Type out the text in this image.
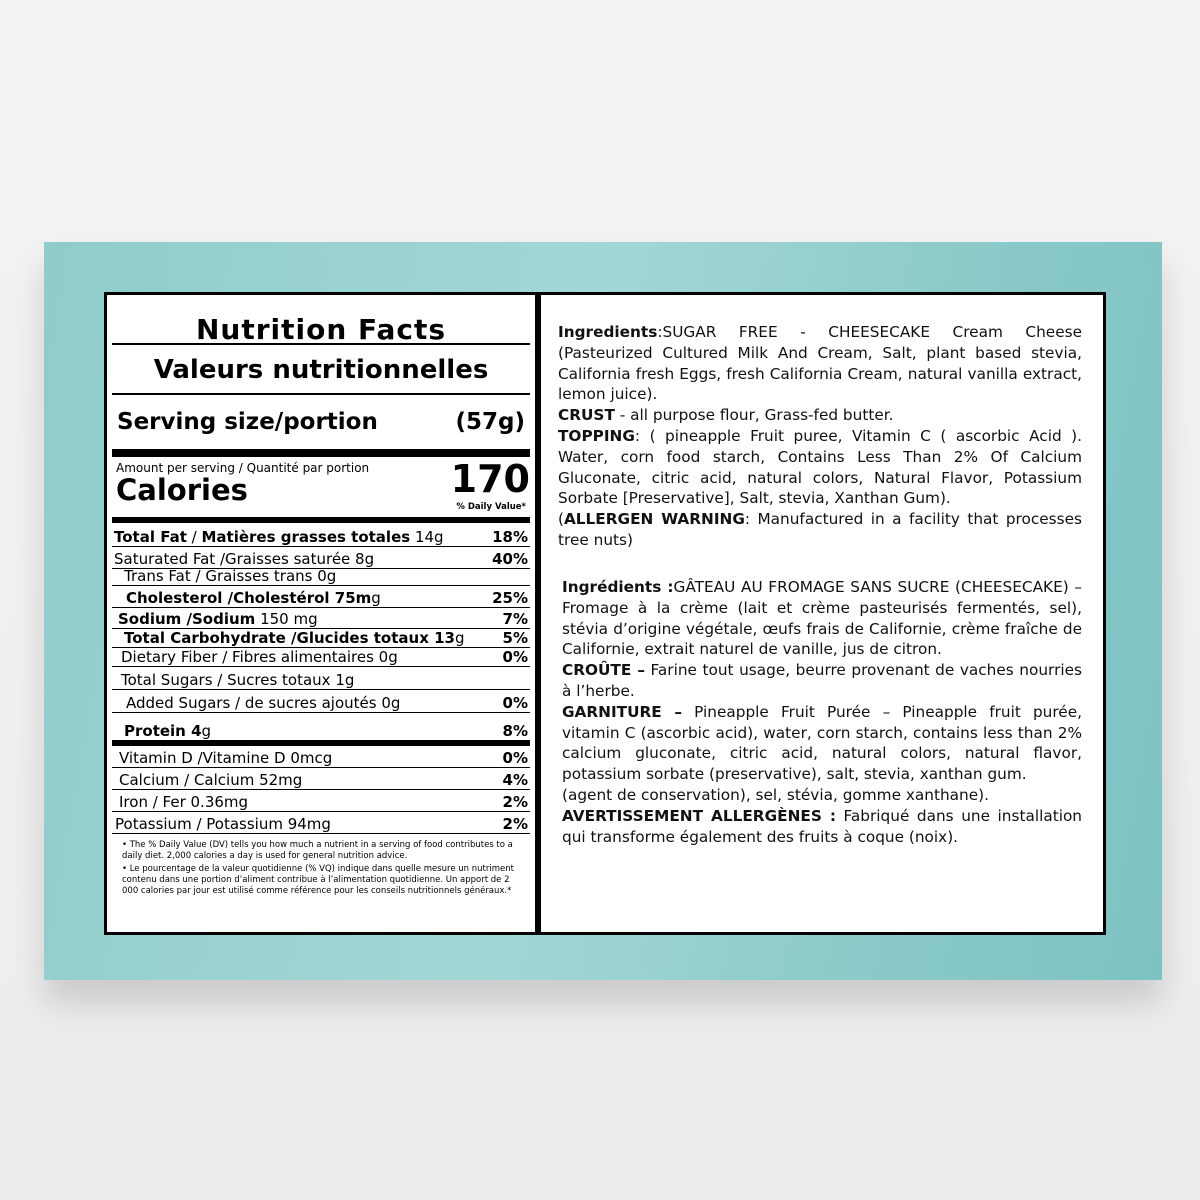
Nutrition Facts
Valeurs nutritionnelles
Serving size/portion	(57g)
Amount per serving / Quantité par portion
Calories	170
% Daily Value*
Total Fat / Matières grasses totales 14g	18%
Saturated Fat /Graisses saturée 8g	40%
Trans Fat / Graisses trans 0g
Cholesterol /Cholestérol 75mg	25%
Sodium /Sodium 150 mg	7%
Total Carbohydrate /Glucides totaux 13g	5%
Dietary Fiber / Fibres alimentaires 0g	0%
Total Sugars / Sucres totaux 1g
Added Sugars / de sucres ajoutés 0g	0%
Protein 4g	8%
Vitamin D /Vitamine D 0mcg	0%
Calcium / Calcium 52mg	4%
Iron / Fer 0.36mg	2%
Potassium / Potassium 94mg	2%

• The % Daily Value (DV) tells you how much a nutrient in a serving of food contributes to a daily diet. 2,000 calories a day is used for general nutrition advice.

• Le pourcentage de la valeur quotidienne (% VQ) indique dans quelle mesure un nutriment contenu dans une portion d’aliment contribue à l’alimentation quotidienne. Un apport de 2 000 calories par jour est utilisé comme référence pour les conseils nutritionnels généraux.*

Ingredients:SUGAR FREE - CHEESECAKE Cream Cheese (Pasteurized Cultured Milk And Cream, Salt, plant based stevia, California fresh Eggs, fresh California Cream, natural vanilla extract, lemon juice).

CRUST - all purpose flour, Grass-fed butter.

TOPPING: ( pineapple Fruit puree, Vitamin C ( ascorbic Acid ). Water, corn food starch, Contains Less Than 2% Of Calcium Gluconate, citric acid, natural colors, Natural Flavor, Potassium Sorbate [Preservative], Salt, stevia, Xanthan Gum).

(ALLERGEN WARNING: Manufactured in a facility that processes tree nuts)

Ingrédients :GÂTEAU AU FROMAGE SANS SUCRE (CHEESECAKE) – Fromage à la crème (lait et crème pasteurisés fermentés, sel), stévia d’origine végétale, œufs frais de Californie, crème fraîche de Californie, extrait naturel de vanille, jus de citron.

CROÛTE – Farine tout usage, beurre provenant de vaches nourries à l’herbe.

GARNITURE – Pineapple Fruit Purée – Pineapple fruit purée, vitamin C (ascorbic acid), water, corn starch, contains less than 2% calcium gluconate, citric acid, natural colors, natural flavor, potassium sorbate (preservative), salt, stevia, xanthan gum.

(agent de conservation), sel, stévia, gomme xanthane).

AVERTISSEMENT ALLERGÈNES : Fabriqué dans une installation qui transforme également des fruits à coque (noix).
